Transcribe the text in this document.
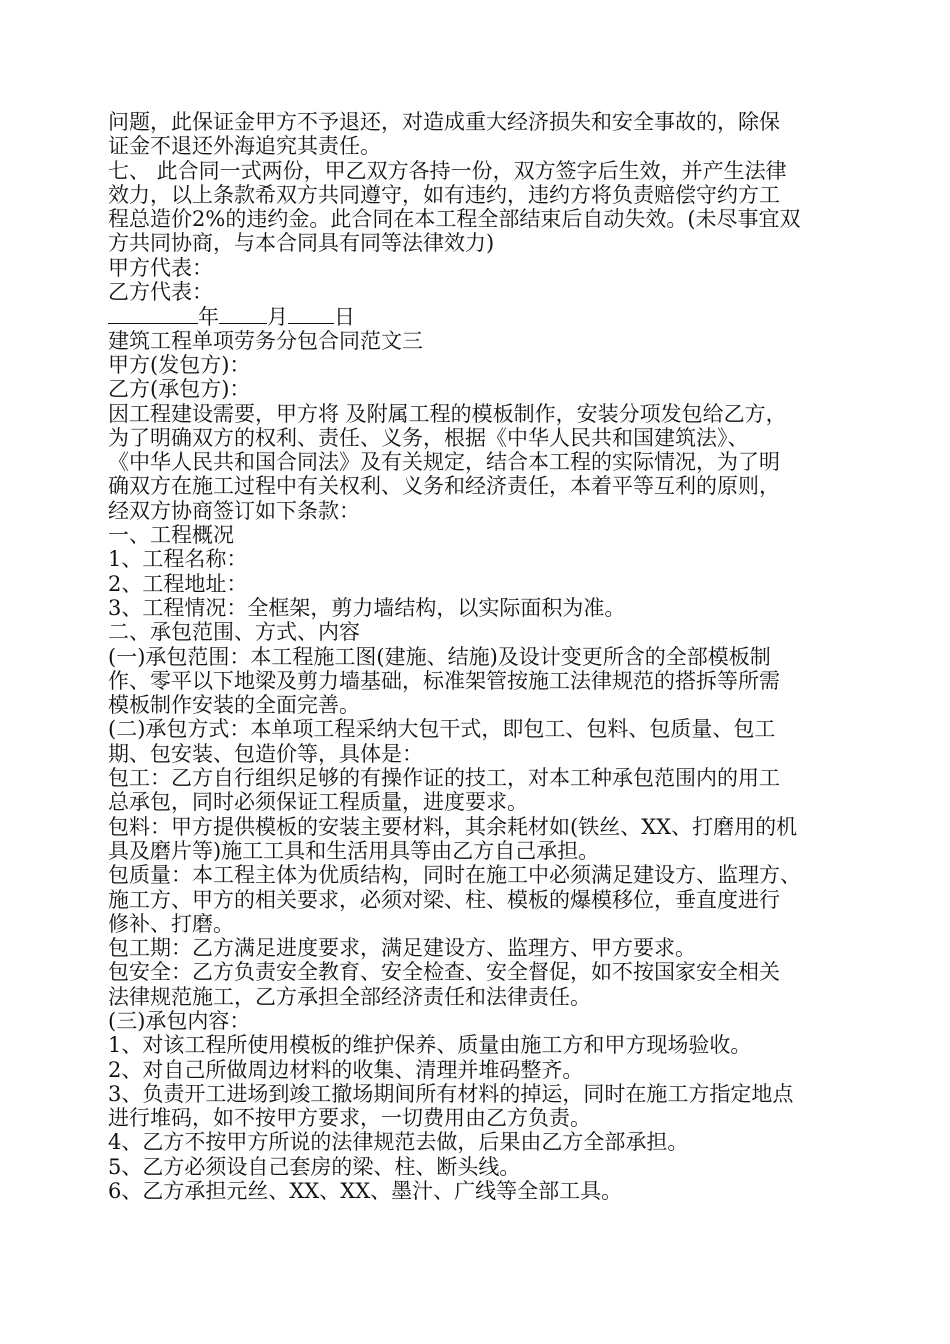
问题，此保证金甲方不予退还，对造成重大经济损失和安全事故的，除保
证金不退还外海追究其责任。
七、 此合同一式两份，甲乙双方各持一份，双方签字后生效，并产生法律
效力，以上条款希双方共同遵守，如有违约，违约方将负责赔偿守约方工
程总造价2%的违约金。此合同在本工程全部结束后自动失效。(未尽事宜双
方共同协商，与本合同具有同等法律效力)
甲方代表：
乙方代表：
年 月 日
建筑工程单项劳务分包合同范文三
甲方(发包方)：
乙方(承包方)：
因工程建设需要，甲方将 及附属工程的模板制作，安装分项发包给乙方，
为了明确双方的权利、责任、义务，根据《中华人民共和国建筑法》、
《中华人民共和国合同法》及有关规定，结合本工程的实际情况，为了明
确双方在施工过程中有关权利、义务和经济责任，本着平等互利的原则，
经双方协商签订如下条款：
一、工程概况
1、工程名称：
2、工程地址：
3、工程情况：全框架，剪力墙结构，以实际面积为准。
二、承包范围、方式、内容
(一)承包范围：本工程施工图(建施、结施)及设计变更所含的全部模板制
作、零平以下地梁及剪力墙基础，标准架管按施工法律规范的搭拆等所需
模板制作安装的全面完善。
(二)承包方式：本单项工程采纳大包干式，即包工、包料、包质量、包工
期、包安装、包造价等，具体是：
包工：乙方自行组织足够的有操作证的技工，对本工种承包范围内的用工
总承包，同时必须保证工程质量，进度要求。
包料：甲方提供模板的安装主要材料，其余耗材如(铁丝、XX、打磨用的机
具及磨片等)施工工具和生活用具等由乙方自己承担。
包质量：本工程主体为优质结构，同时在施工中必须满足建设方、监理方、
施工方、甲方的相关要求，必须对梁、柱、模板的爆模移位，垂直度进行
修补、打磨。
包工期：乙方满足进度要求，满足建设方、监理方、甲方要求。
包安全：乙方负责安全教育、安全检查、安全督促，如不按国家安全相关
法律规范施工，乙方承担全部经济责任和法律责任。
(三)承包内容：
1、对该工程所使用模板的维护保养、质量由施工方和甲方现场验收。
2、对自己所做周边材料的收集、清理并堆码整齐。
3、负责开工进场到竣工撤场期间所有材料的掉运，同时在施工方指定地点
进行堆码，如不按甲方要求，一切费用由乙方负责。
4、乙方不按甲方所说的法律规范去做，后果由乙方全部承担。
5、乙方必须设自己套房的梁、柱、断头线。
6、乙方承担元丝、XX、XX、墨汁、广线等全部工具。
